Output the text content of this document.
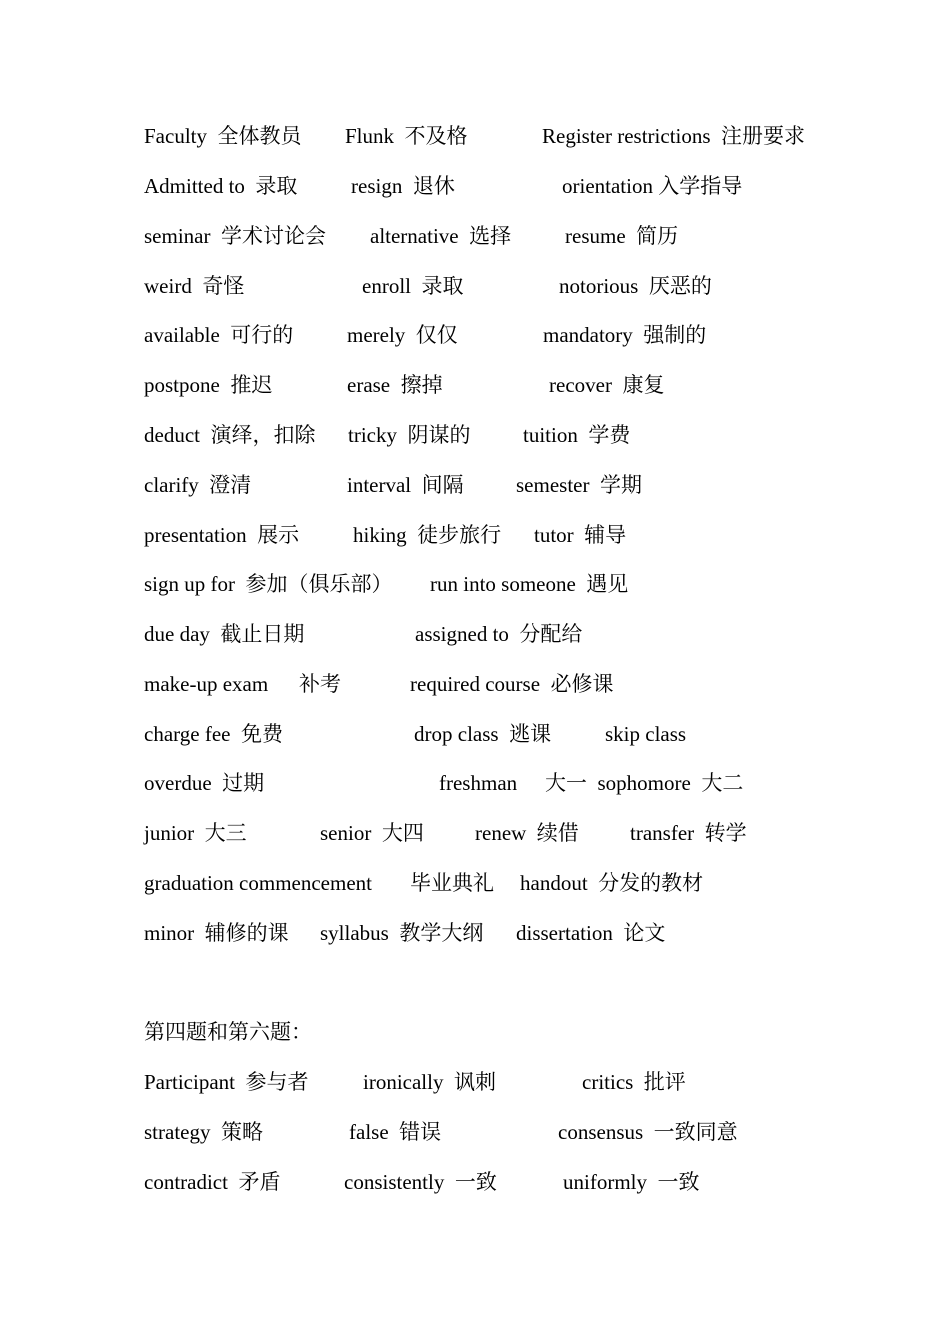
Faculty  全体教员 Flunk  不及格	Register restrictions  注册要求
Admitted to  录取	resign  退休	orientation 入学指导
seminar  学术讨论会 alternative  选择	resume  简历
weird  奇怪	enroll  录取	notorious  厌恶的
available  可行的	merely  仅仅	mandatory  强制的
postpone  推迟	erase  擦掉	recover  康复
deduct  演绎，扣除 tricky  阴谋的	tuition  学费
clarify  澄清	interval  间隔 semester  学期
presentation  展示	hiking  徒步旅行 tutor  辅导
sign up for  参加（俱乐部） run into someone  遇见
due day  截止日期	assigned to  分配给
make-up exam 补考	required course  必修课
charge fee  免费	drop class  逃课	skip class
overdue  过期	freshman 大一  sophomore  大二
junior  大三	senior  大四 renew  续借 transfer  转学
graduation commencement 毕业典礼 handout  分发的教材
minor  辅修的课 syllabus  教学大纲 dissertation  论文
第四题和第六题：
Participant  参与者	ironically  讽刺	critics  批评
strategy  策略	false  错误	consensus  一致同意
contradict  矛盾	consistently  一致	uniformly  一致
